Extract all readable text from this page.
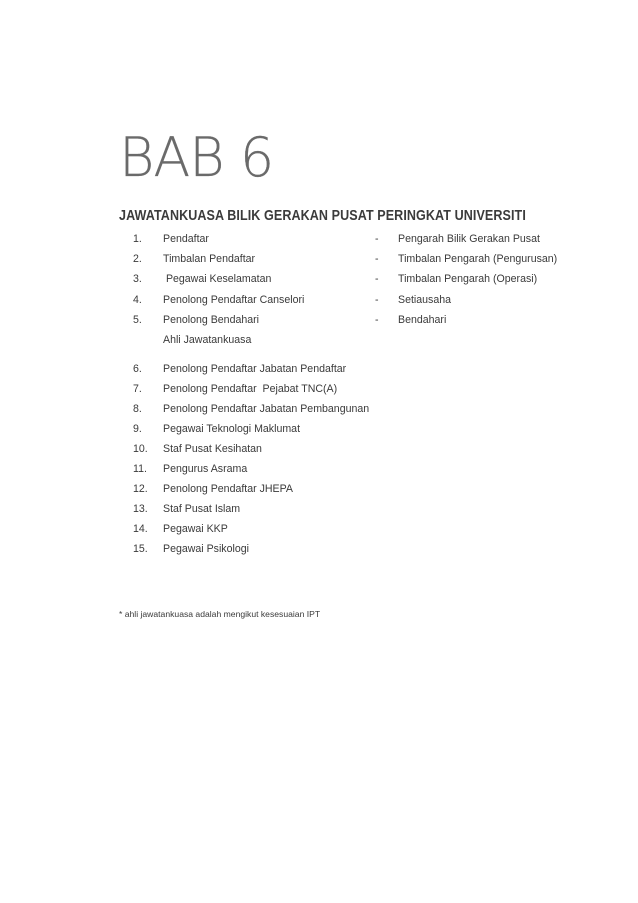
BAB 6
JAWATANKUASA BILIK GERAKAN PUSAT PERINGKAT UNIVERSITI
1. Pendaftar	- Pengarah Bilik Gerakan Pusat
2. Timbalan Pendaftar	- Timbalan Pengarah (Pengurusan)
3. Pegawai Keselamatan	- Timbalan Pengarah (Operasi)
4. Penolong Pendaftar Canselori	- Setiausaha
5. Penolong Bendahari	- Bendahari
Ahli Jawatankuasa
6. Penolong Pendaftar Jabatan Pendaftar
7. Penolong Pendaftar  Pejabat TNC(A)
8. Penolong Pendaftar Jabatan Pembangunan
9. Pegawai Teknologi Maklumat
10. Staf Pusat Kesihatan
11. Pengurus Asrama
12. Penolong Pendaftar JHEPA
13. Staf Pusat Islam
14. Pegawai KKP
15. Pegawai Psikologi
* ahli jawatankuasa adalah mengikut kesesuaian IPT
